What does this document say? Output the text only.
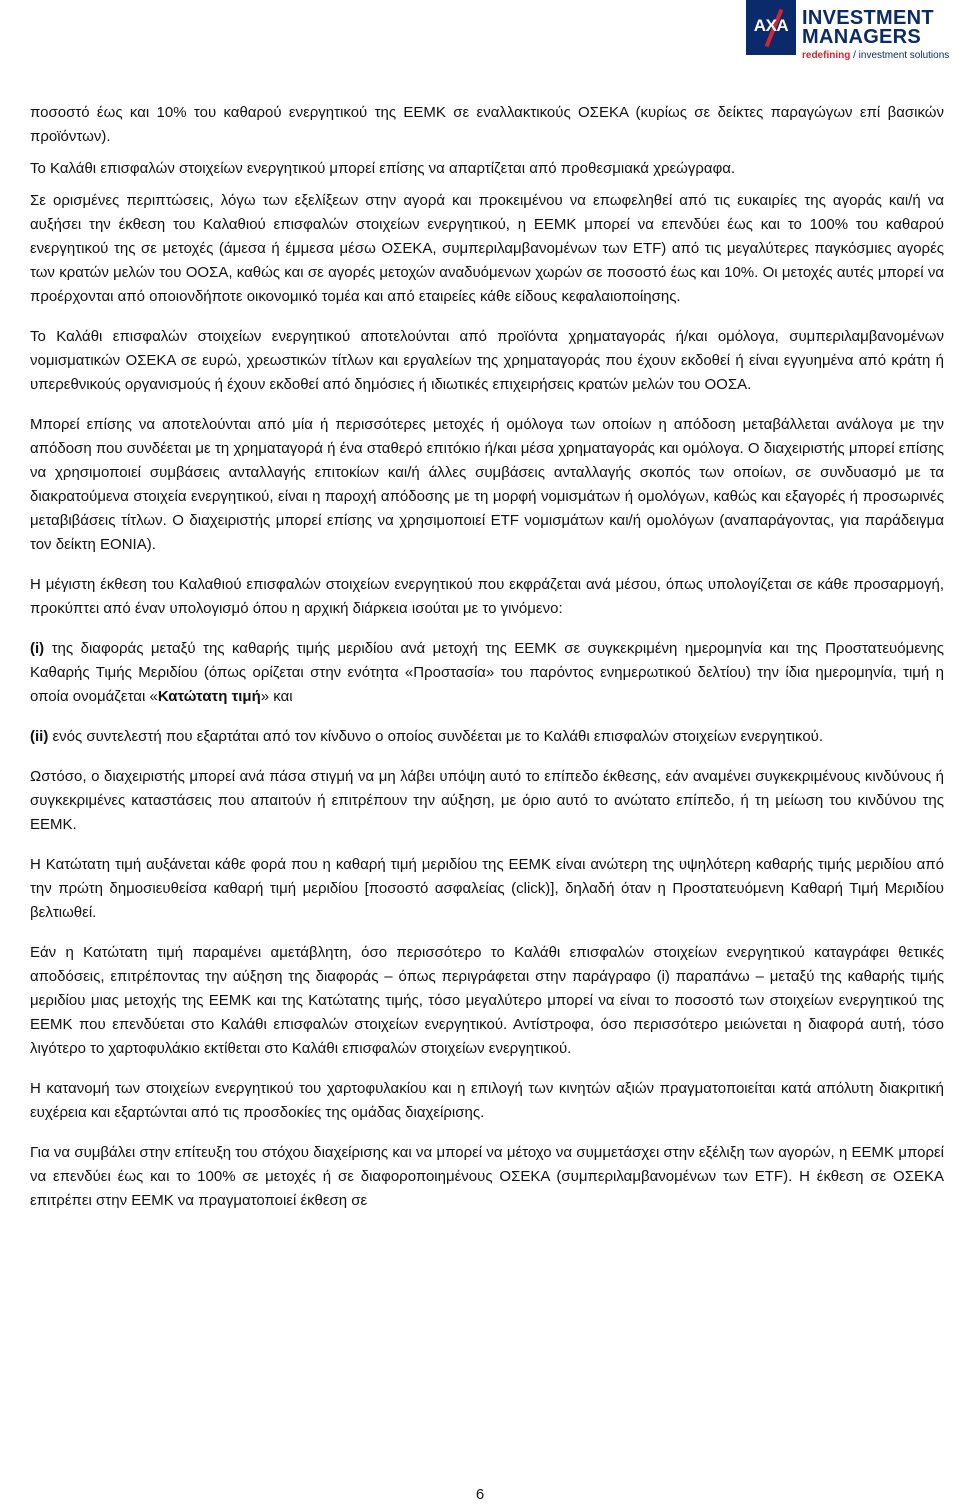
AXA INVESTMENT
MANAGERS
redefining / investment solutions

ποσοστό έως και 10% του καθαρού ενεργητικού της ΕΕΜΚ σε εναλλακτικούς ΟΣΕΚΑ (κυρίως σε δείκτες παραγώγων επί βασικών προϊόντων).

Το Καλάθι επισφαλών στοιχείων ενεργητικού μπορεί επίσης να απαρτίζεται από προθεσμιακά χρεώγραφα.

Σε ορισμένες περιπτώσεις, λόγω των εξελίξεων στην αγορά και προκειμένου να επωφεληθεί από τις ευκαιρίες της αγοράς και/ή να αυξήσει την έκθεση του Καλαθιού επισφαλών στοιχείων ενεργητικού, η ΕΕΜΚ μπορεί να επενδύει έως και το 100% του καθαρού ενεργητικού της σε μετοχές (άμεσα ή έμμεσα μέσω ΟΣΕΚΑ, συμπεριλαμβανομένων των ETF) από τις μεγαλύτερες παγκόσμιες αγορές των κρατών μελών του ΟΟΣΑ, καθώς και σε αγορές μετοχών αναδυόμενων χωρών σε ποσοστό έως και 10%. Οι μετοχές αυτές μπορεί να προέρχονται από οποιονδήποτε οικονομικό τομέα και από εταιρείες κάθε είδους κεφαλαιοποίησης.

Το Καλάθι επισφαλών στοιχείων ενεργητικού αποτελούνται από προϊόντα χρηματαγοράς ή/και ομόλογα, συμπεριλαμβανομένων νομισματικών ΟΣΕΚΑ σε ευρώ, χρεωστικών τίτλων και εργαλείων της χρηματαγοράς που έχουν εκδοθεί ή είναι εγγυημένα από κράτη ή υπερεθνικούς οργανισμούς ή έχουν εκδοθεί από δημόσιες ή ιδιωτικές επιχειρήσεις κρατών μελών του ΟΟΣΑ.

Μπορεί επίσης να αποτελούνται από μία ή περισσότερες μετοχές ή ομόλογα των οποίων η απόδοση μεταβάλλεται ανάλογα με την απόδοση που συνδέεται με τη χρηματαγορά ή ένα σταθερό επιτόκιο ή/και μέσα χρηματαγοράς και ομόλογα. Ο διαχειριστής μπορεί επίσης να χρησιμοποιεί συμβάσεις ανταλλαγής επιτοκίων και/ή άλλες συμβάσεις ανταλλαγής σκοπός των οποίων, σε συνδυασμό με τα διακρατούμενα στοιχεία ενεργητικού, είναι η παροχή απόδοσης με τη μορφή νομισμάτων ή ομολόγων, καθώς και εξαγορές ή προσωρινές μεταβιβάσεις τίτλων. Ο διαχειριστής μπορεί επίσης να χρησιμοποιεί ETF νομισμάτων και/ή ομολόγων (αναπαράγοντας, για παράδειγμα τον δείκτη EONIA).

Η μέγιστη έκθεση του Καλαθιού επισφαλών στοιχείων ενεργητικού που εκφράζεται ανά μέσου, όπως υπολογίζεται σε κάθε προσαρμογή, προκύπτει από έναν υπολογισμό όπου η αρχική διάρκεια ισούται με το γινόμενο:

(i) της διαφοράς μεταξύ της καθαρής τιμής μεριδίου ανά μετοχή της ΕΕΜΚ σε συγκεκριμένη ημερομηνία και της Προστατευόμενης Καθαρής Τιμής Μεριδίου (όπως ορίζεται στην ενότητα «Προστασία» του παρόντος ενημερωτικού δελτίου) την ίδια ημερομηνία, τιμή η οποία ονομάζεται «Κατώτατη τιμή» και

(ii) ενός συντελεστή που εξαρτάται από τον κίνδυνο ο οποίος συνδέεται με το Καλάθι επισφαλών στοιχείων ενεργητικού.

Ωστόσο, ο διαχειριστής μπορεί ανά πάσα στιγμή να μη λάβει υπόψη αυτό το επίπεδο έκθεσης, εάν αναμένει συγκεκριμένους κινδύνους ή συγκεκριμένες καταστάσεις που απαιτούν ή επιτρέπουν την αύξηση, με όριο αυτό το ανώτατο επίπεδο, ή τη μείωση του κινδύνου της ΕΕΜΚ.

Η Κατώτατη τιμή αυξάνεται κάθε φορά που η καθαρή τιμή μεριδίου της ΕΕΜΚ είναι ανώτερη της υψηλότερη καθαρής τιμής μεριδίου από την πρώτη δημοσιευθείσα καθαρή τιμή μεριδίου [ποσοστό ασφαλείας (click)], δηλαδή όταν η Προστατευόμενη Καθαρή Τιμή Μεριδίου βελτιωθεί.

Εάν η Κατώτατη τιμή παραμένει αμετάβλητη, όσο περισσότερο το Καλάθι επισφαλών στοιχείων ενεργητικού καταγράφει θετικές αποδόσεις, επιτρέποντας την αύξηση της διαφοράς – όπως περιγράφεται στην παράγραφο (i) παραπάνω – μεταξύ της καθαρής τιμής μεριδίου μιας μετοχής της ΕΕΜΚ και της Κατώτατης τιμής, τόσο μεγαλύτερο μπορεί να είναι το ποσοστό των στοιχείων ενεργητικού της ΕΕΜΚ που επενδύεται στο Καλάθι επισφαλών στοιχείων ενεργητικού. Αντίστροφα, όσο περισσότερο μειώνεται η διαφορά αυτή, τόσο λιγότερο το χαρτοφυλάκιο εκτίθεται στο Καλάθι επισφαλών στοιχείων ενεργητικού.

Η κατανομή των στοιχείων ενεργητικού του χαρτοφυλακίου και η επιλογή των κινητών αξιών πραγματοποιείται κατά απόλυτη διακριτική ευχέρεια και εξαρτώνται από τις προσδοκίες της ομάδας διαχείρισης.

Για να συμβάλει στην επίτευξη του στόχου διαχείρισης και να μπορεί να μέτοχο να συμμετάσχει στην εξέλιξη των αγορών, η ΕΕΜΚ μπορεί να επενδύει έως και το 100% σε μετοχές ή σε διαφοροποιημένους ΟΣΕΚΑ (συμπεριλαμβανομένων των ETF). Η έκθεση σε ΟΣΕΚΑ επιτρέπει στην ΕΕΜΚ να πραγματοποιεί έκθεση σε

6
